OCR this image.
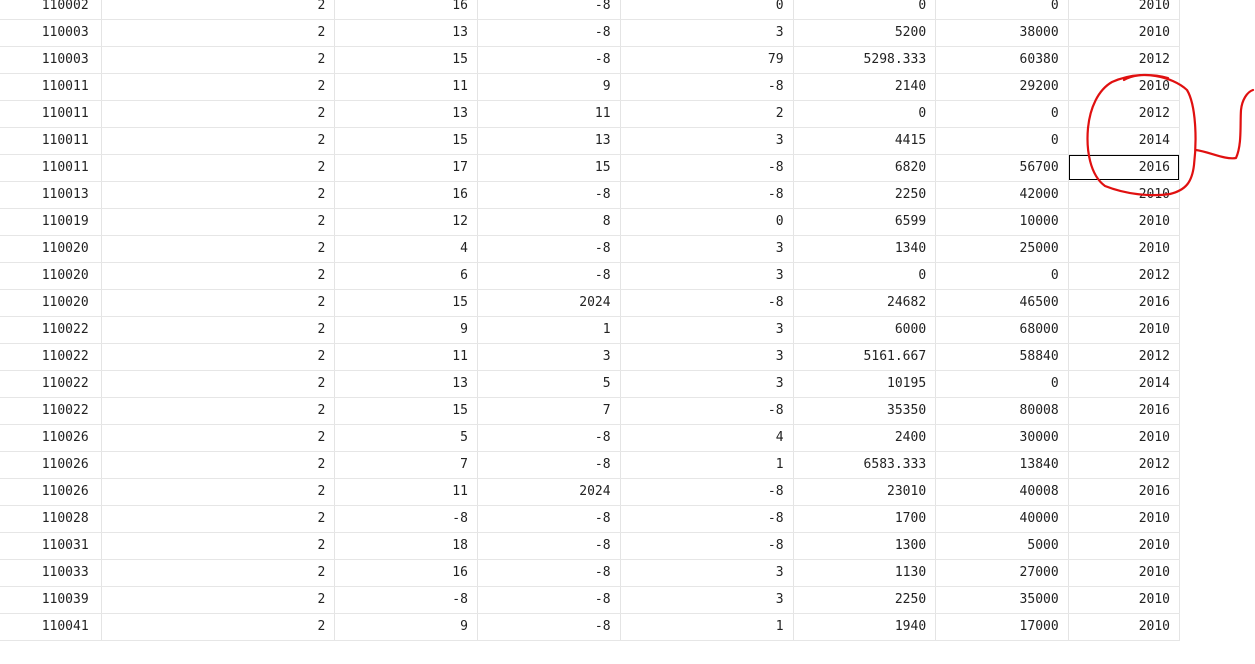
110002	2	16	-8	0	0	0	2010
110003	2	13	-8	3	5200	38000	2010
110003	2	15	-8	79	5298.333	60380	2012
110011	2	11	9	-8	2140	29200	2010
110011	2	13	11	2	0	0	2012
110011	2	15	13	3	4415	0	2014
110011	2	17	15	-8	6820	56700	2016
110013	2	16	-8	-8	2250	42000	2010
110019	2	12	8	0	6599	10000	2010
110020	2	4	-8	3	1340	25000	2010
110020	2	6	-8	3	0	0	2012
110020	2	15	2024	-8	24682	46500	2016
110022	2	9	1	3	6000	68000	2010
110022	2	11	3	3	5161.667	58840	2012
110022	2	13	5	3	10195	0	2014
110022	2	15	7	-8	35350	80008	2016
110026	2	5	-8	4	2400	30000	2010
110026	2	7	-8	1	6583.333	13840	2012
110026	2	11	2024	-8	23010	40008	2016
110028	2	-8	-8	-8	1700	40000	2010
110031	2	18	-8	-8	1300	5000	2010
110033	2	16	-8	3	1130	27000	2010
110039	2	-8	-8	3	2250	35000	2010
110041	2	9	-8	1	1940	17000	2010
